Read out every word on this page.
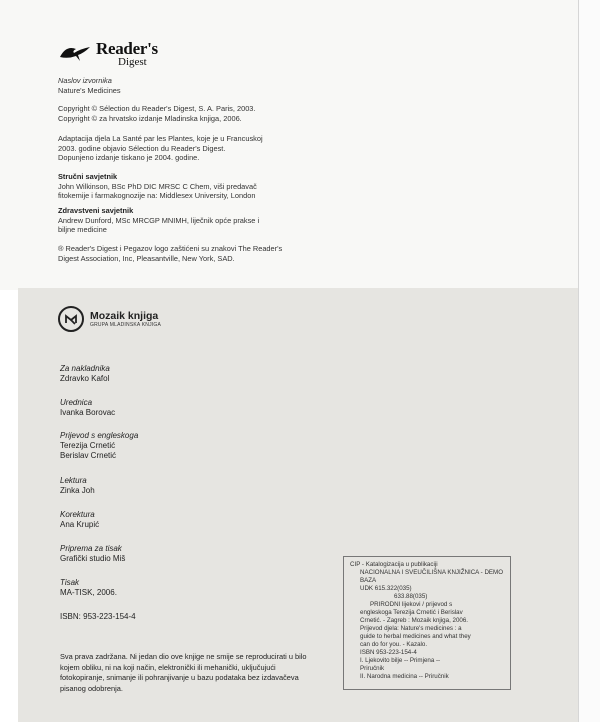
Reader's
Digest
Naslov izvornika
Nature's Medicines
Copyright © Sélection du Reader's Digest, S. A. Paris, 2003.
Copyright © za hrvatsko izdanje Mladinska knjiga, 2006.
Adaptacija djela La Santé par les Plantes, koje je u Francuskoj
2003. godine objavio Sélection du Reader's Digest.
Dopunjeno izdanje tiskano je 2004. godine.
Stručni savjetnik
John Wilkinson, BSc PhD DIC MRSC C Chem, viši predavač
fitokemije i farmakognozije na: Middlesex University, London
Zdravstveni savjetnik
Andrew Dunford, MSc MRCGP MNIMH, liječnik opće prakse i
bilјne medicine
® Reader's Digest i Pegazov logo zaštićeni su znakovi The Reader's
Digest Association, Inc, Pleasantville, New York, SAD.
Mozaik knjiga
GRUPA MLADINSKA KNJIGA
Za nakladnika
Zdravko Kafol
Urednica
Ivanka Borovac
Prijevod s engleskoga
Terezija Crnetić
Berislav Crnetić
Lektura
Zinka Joh
Korektura
Ana Krupić
Priprema za tisak
Grafički studio Miš
Tisak
MA-TISK, 2006.
ISBN: 953-223-154-4
CIP - Katalogizacija u publikaciji
NACIONALNA I SVEUČILIŠNA KNJIŽNICA - DEMO BAZA
UDK 615.322(035)
633.88(035)
PRIRODNI lijekovi / prijevod s
engleskoga Terezija Crnetić i Berislav
Crnetić. - Zagreb : Mozaik knjiga, 2006.
Prijevod djela: Nature's medicines : a
guide to herbal medicines and what they
can do for you. - Kazalo.
ISBN 953-223-154-4
I. Ljekovito bilje -- Primjena --
Priručnik
II. Narodna medicina -- Priručnik
Sva prava zadržana. Ni jedan dio ove knjige ne smije se reproducirati u bilo kojem obliku, ni na koji način, elektronički ili mehanički, uključujući fotokopiranje, snimanje ili pohranjivanje u bazu podataka bez izdavačeva pisanog odobrenja.
